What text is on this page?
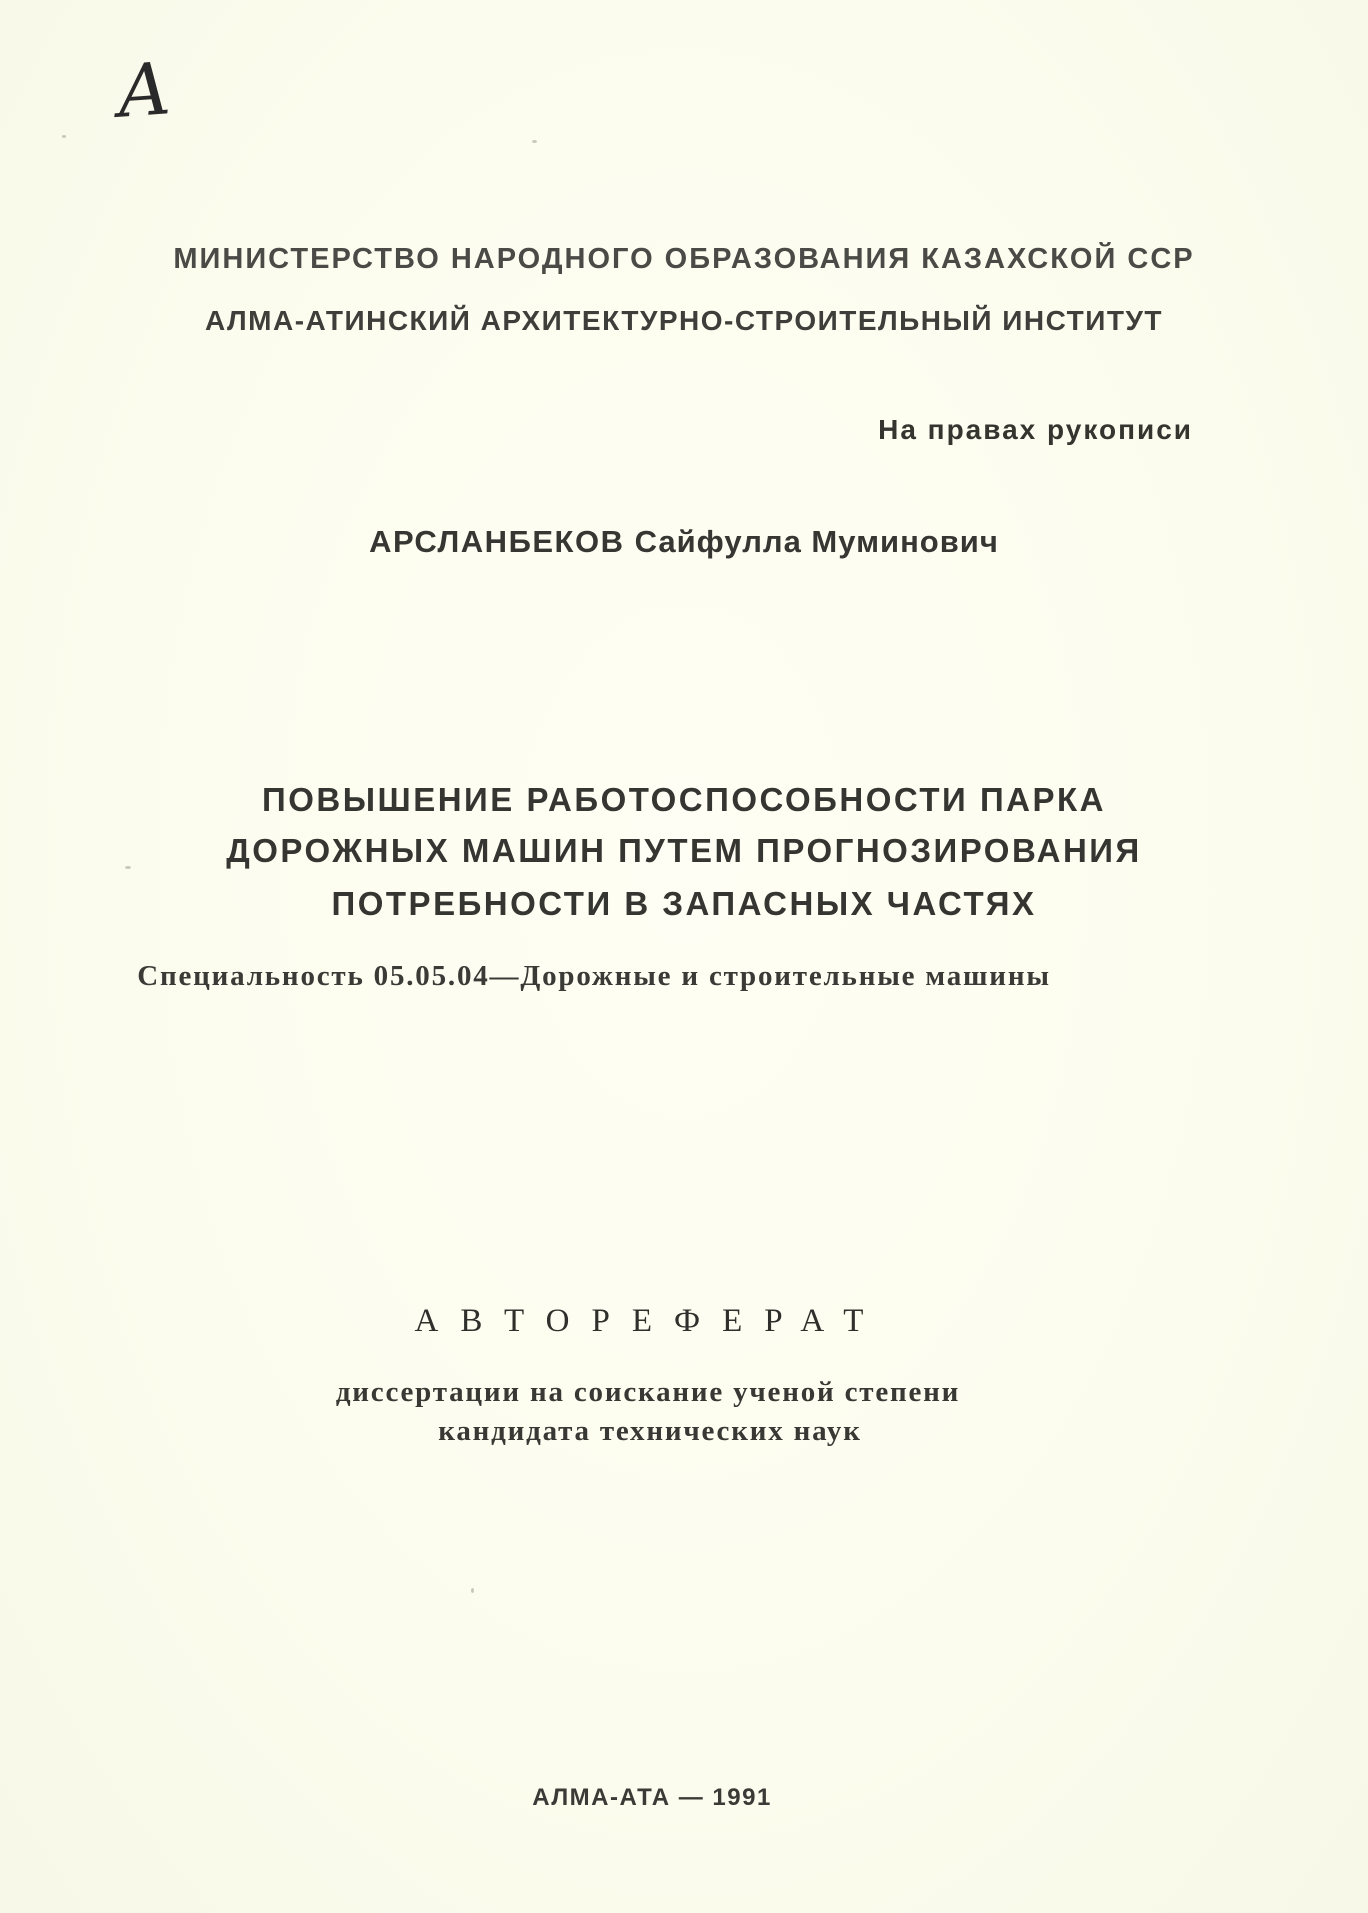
A
МИНИСТЕРСТВО НАРОДНОГО ОБРАЗОВАНИЯ КАЗАХСКОЙ ССР
АЛМА-АТИНСКИЙ АРХИТЕКТУРНО-СТРОИТЕЛЬНЫЙ ИНСТИТУТ
На правах рукописи
АРСЛАНБЕКОВ Сайфулла Муминович
ПОВЫШЕНИЕ РАБОТОСПОСОБНОСТИ ПАРКА
ДОРОЖНЫХ МАШИН ПУТЕМ ПРОГНОЗИРОВАНИЯ
ПОТРЕБНОСТИ В ЗАПАСНЫХ ЧАСТЯХ
Специальность 05.05.04—Дорожные и строительные машины
АВТОРЕФЕРАТ
диссертации на соискание ученой степени
кандидата технических наук
АЛМА-АТА — 1991
